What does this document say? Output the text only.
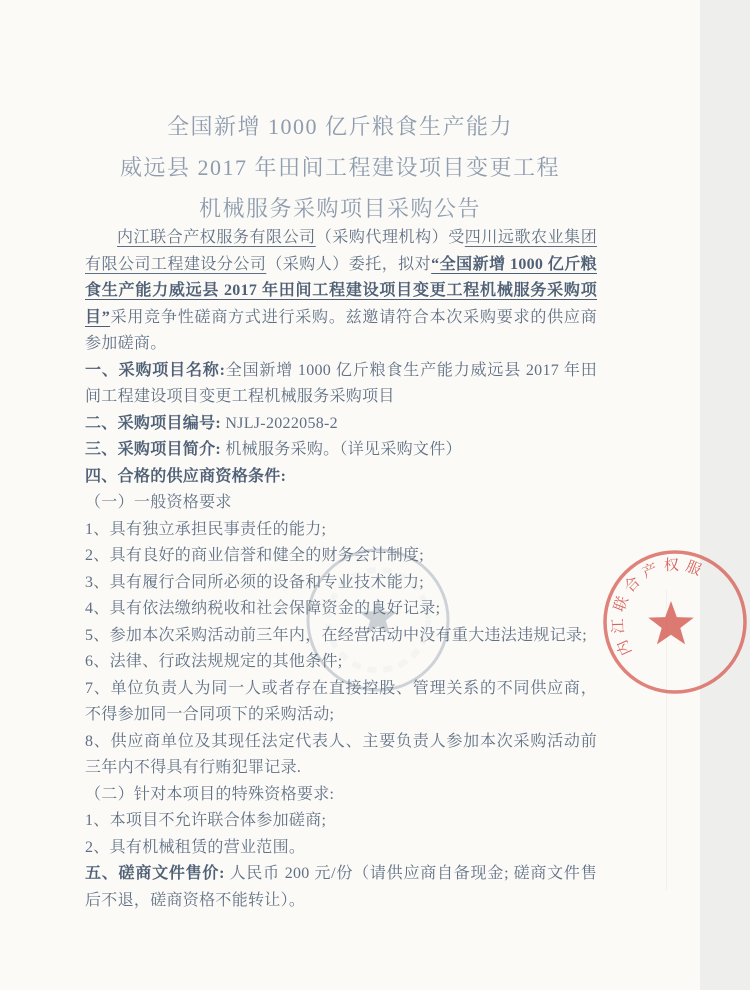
内江联合产权服
全国新增 1000 亿斤粮食生产能力
威远县 2017 年田间工程建设项目变更工程
机械服务采购项目采购公告

内江联合产权服务有限公司（采购代理机构）受四川远歌农业集团有限公司工程建设分公司（采购人）委托，拟对“全国新增 1000 亿斤粮食生产能力威远县 2017 年田间工程建设项目变更工程机械服务采购项目”采用竞争性磋商方式进行采购。兹邀请符合本次采购要求的供应商参加磋商。

一、采购项目名称:全国新增 1000 亿斤粮食生产能力威远县 2017 年田间工程建设项目变更工程机械服务采购项目

二、采购项目编号: NJLJ-2022058-2

三、采购项目简介: 机械服务采购。（详见采购文件）

四、合格的供应商资格条件:

（一）一般资格要求

1、具有独立承担民事责任的能力;

2、具有良好的商业信誉和健全的财务会计制度;

3、具有履行合同所必须的设备和专业技术能力;

4、具有依法缴纳税收和社会保障资金的良好记录;

5、参加本次采购活动前三年内，在经营活动中没有重大违法违规记录;

6、法律、行政法规规定的其他条件;

7、单位负责人为同一人或者存在直接控股、管理关系的不同供应商，不得参加同一合同项下的采购活动;

8、供应商单位及其现任法定代表人、主要负责人参加本次采购活动前三年内不得具有行贿犯罪记录.

（二）针对本项目的特殊资格要求:

1、本项目不允许联合体参加磋商;

2、具有机械租赁的营业范围。

五、磋商文件售价: 人民币 200 元/份（请供应商自备现金; 磋商文件售后不退，磋商资格不能转让）。
